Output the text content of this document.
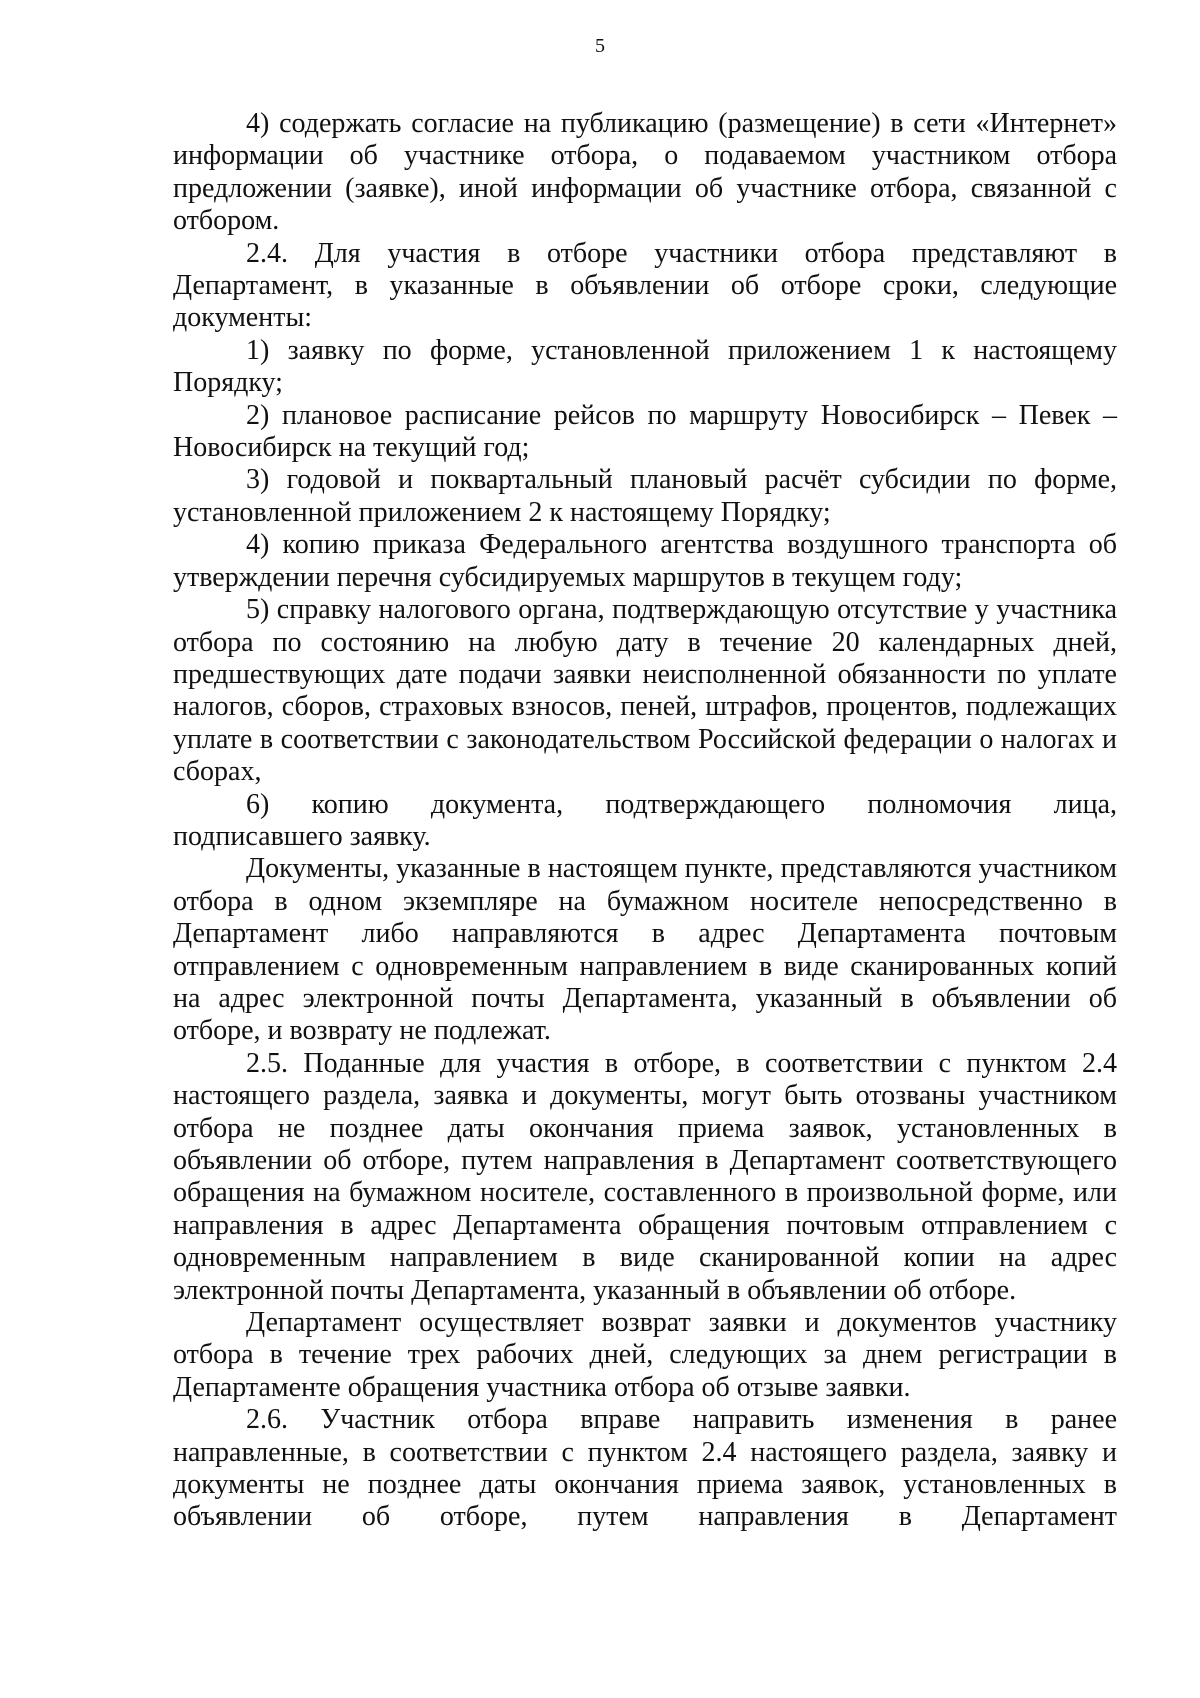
5

4) содержать согласие на публикацию (размещение) в сети «Интернет» информации об участнике отбора, о подаваемом участником отбора предложении (заявке), иной информации об участнике отбора, связанной с отбором.

2.4. Для участия в отборе участники отбора представляют в Департамент, в указанные в объявлении об отборе сроки, следующие документы:

1) заявку по форме, установленной приложением 1 к настоящему Порядку;

2) плановое расписание рейсов по маршруту Новосибирск – Певек – Новосибирск на текущий год;

3) годовой и поквартальный плановый расчёт субсидии по форме, установленной приложением 2 к настоящему Порядку;

4) копию приказа Федерального агентства воздушного транспорта об утверждении перечня субсидируемых маршрутов в текущем году;

5) справку налогового органа, подтверждающую отсутствие у участника отбора по состоянию на любую дату в течение 20 календарных дней, предшествующих дате подачи заявки неисполненной обязанности по уплате налогов, сборов, страховых взносов, пеней, штрафов, процентов, подлежащих уплате в соответствии с законодательством Российской федерации о налогах и сборах,

6) копию документа, подтверждающего полномочия лица, подписавшего заявку.

Документы, указанные в настоящем пункте, представляются участником отбора в одном экземпляре на бумажном носителе непосредственно в Департамент либо направляются в адрес Департамента почтовым отправлением с одновременным направлением в виде сканированных копий на адрес электронной почты Департамента, указанный в объявлении об отборе, и возврату не подлежат.

2.5. Поданные для участия в отборе, в соответствии с пунктом 2.4 настоящего раздела, заявка и документы, могут быть отозваны участником отбора не позднее даты окончания приема заявок, установленных в объявлении об отборе, путем направления в Департамент соответствующего обращения на бумажном носителе, составленного в произвольной форме, или направления в адрес Департамента обращения почтовым отправлением с одновременным направлением в виде сканированной копии на адрес электронной почты Департамента, указанный в объявлении об отборе.

Департамент осуществляет возврат заявки и документов участнику отбора в течение трех рабочих дней, следующих за днем регистрации в Департаменте обращения участника отбора об отзыве заявки.

2.6. Участник отбора вправе направить изменения в ранее направленные, в соответствии с пунктом 2.4 настоящего раздела, заявку и документы не позднее даты окончания приема заявок, установленных в объявлении об отборе, путем направления в Департамент
